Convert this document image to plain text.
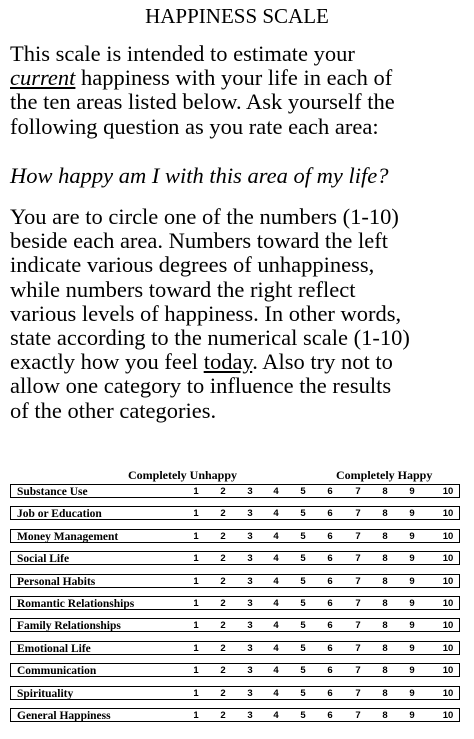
HAPPINESS SCALE
This scale is intended to estimate your
current happiness with your life in each of
the ten areas listed below. Ask yourself the
following question as you rate each area:
How happy am I with this area of my life?
You are to circle one of the numbers (1-10)
beside each area. Numbers toward the left
indicate various degrees of unhappiness,
while numbers toward the right reflect
various levels of happiness. In other words,
state according to the numerical scale (1-10)
exactly how you feel today. Also try not to
allow one category to influence the results
of the other categories.
Completely Unhappy	Completely Happy
Substance Use	1	2	3	4	5	6	7	8	9	10
Job or Education	1	2	3	4	5	6	7	8	9	10
Money Management	1	2	3	4	5	6	7	8	9	10
Social Life	1	2	3	4	5	6	7	8	9	10
Personal Habits	1	2	3	4	5	6	7	8	9	10
Romantic Relationships	1	2	3	4	5	6	7	8	9	10
Family Relationships	1	2	3	4	5	6	7	8	9	10
Emotional Life	1	2	3	4	5	6	7	8	9	10
Communication	1	2	3	4	5	6	7	8	9	10
Spirituality	1	2	3	4	5	6	7	8	9	10
General Happiness	1	2	3	4	5	6	7	8	9	10
